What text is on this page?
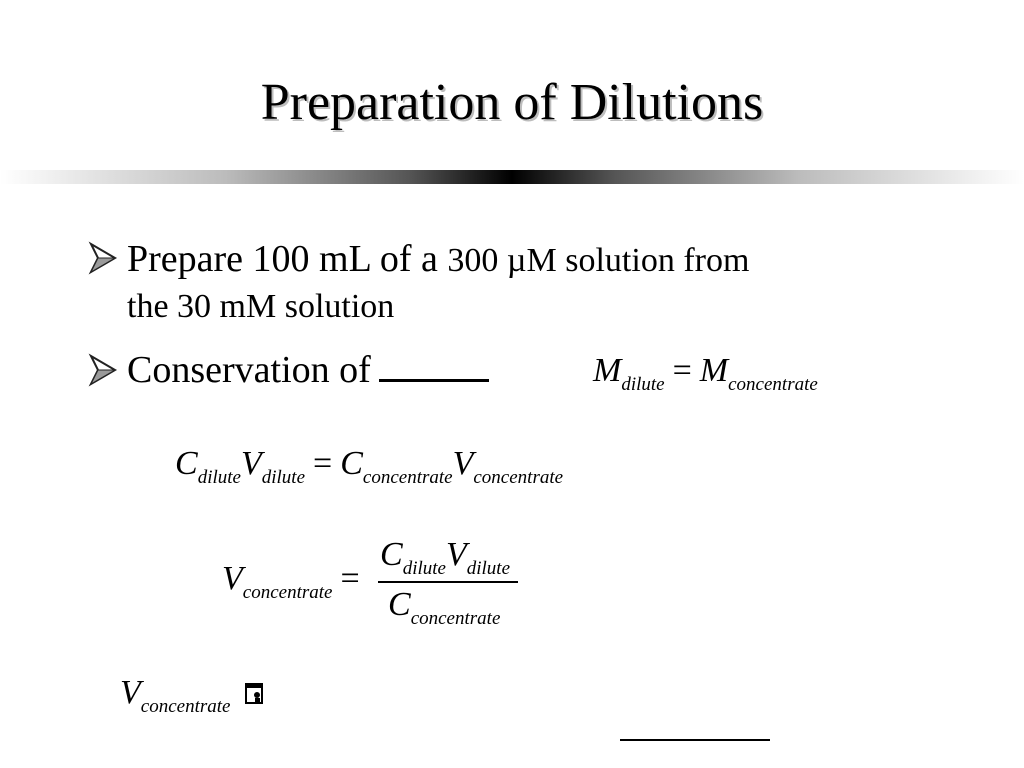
Preparation of Dilutions
Prepare 100 mL of a 300 µM solution from
the 30 mM solution
Conservation of	$M_{dilute} = M_{concentrate}$
$C_{dilute}V_{dilute} = C_{concentrate}V_{concentrate}$
$V_{concentrate}$ =
$C_{dilute}V_{dilute}$
$C_{concentrate}$
$V_{concentrate}$
